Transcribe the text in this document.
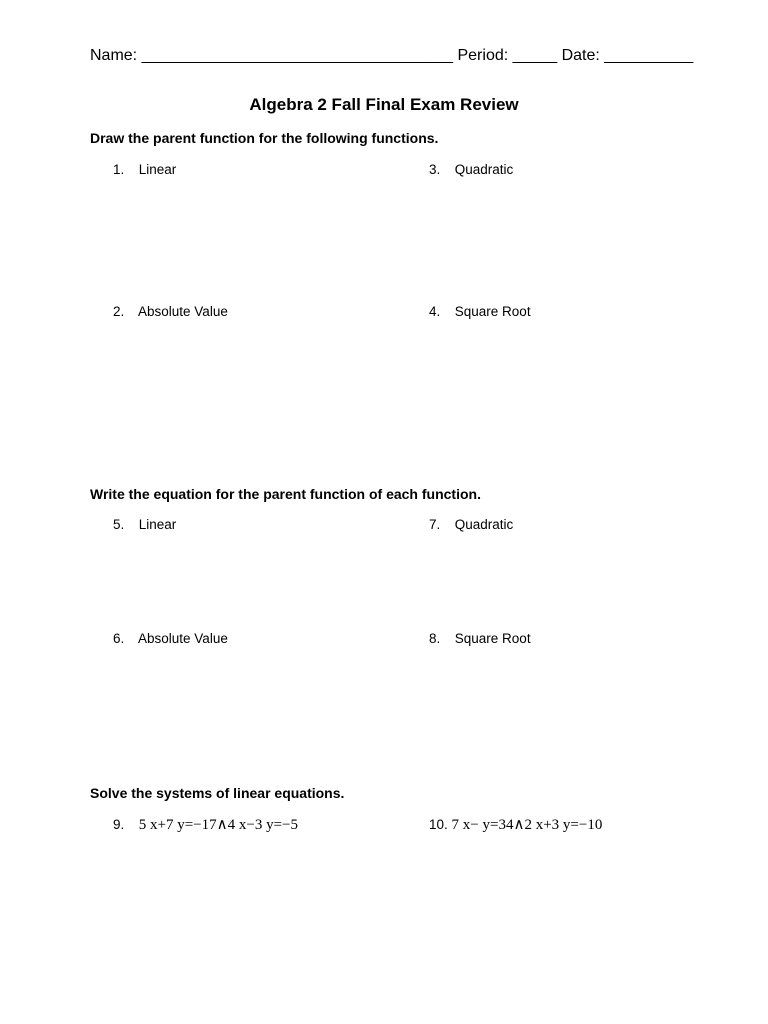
Name: ___________________________________ Period: _____ Date: __________
Algebra 2 Fall Final Exam Review
Draw the parent function for the following functions.
1. Linear	3. Quadratic
2. Absolute Value	4. Square Root
Write the equation for the parent function of each function.
5. Linear	7. Quadratic
6. Absolute Value	8. Square Root
Solve the systems of linear equations.
9. 5 x+7 y=−17∧4 x−3 y=−5	10. 7 x− y=34∧2 x+3 y=−10
